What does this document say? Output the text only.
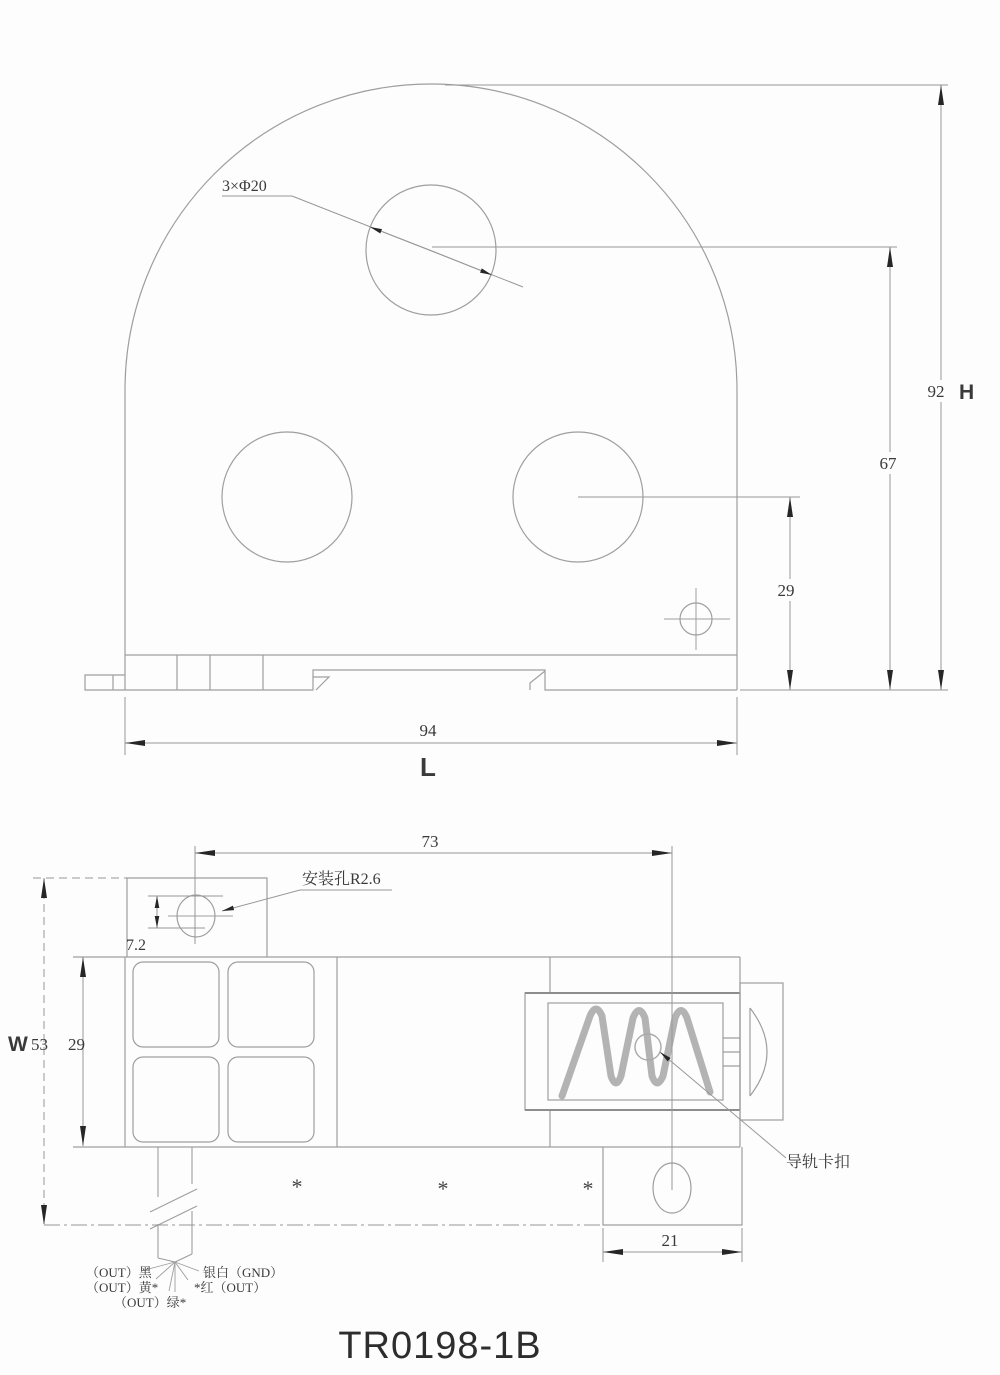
3×Φ20
92 H
67
29
94
L
73
安装孔R2.6
7.2
W 53 29
21
导轨卡扣
*	*	*
（OUT）黑
（OUT）黄*
（OUT）绿*
银白（GND）
*红（OUT）
TR0198-1B
